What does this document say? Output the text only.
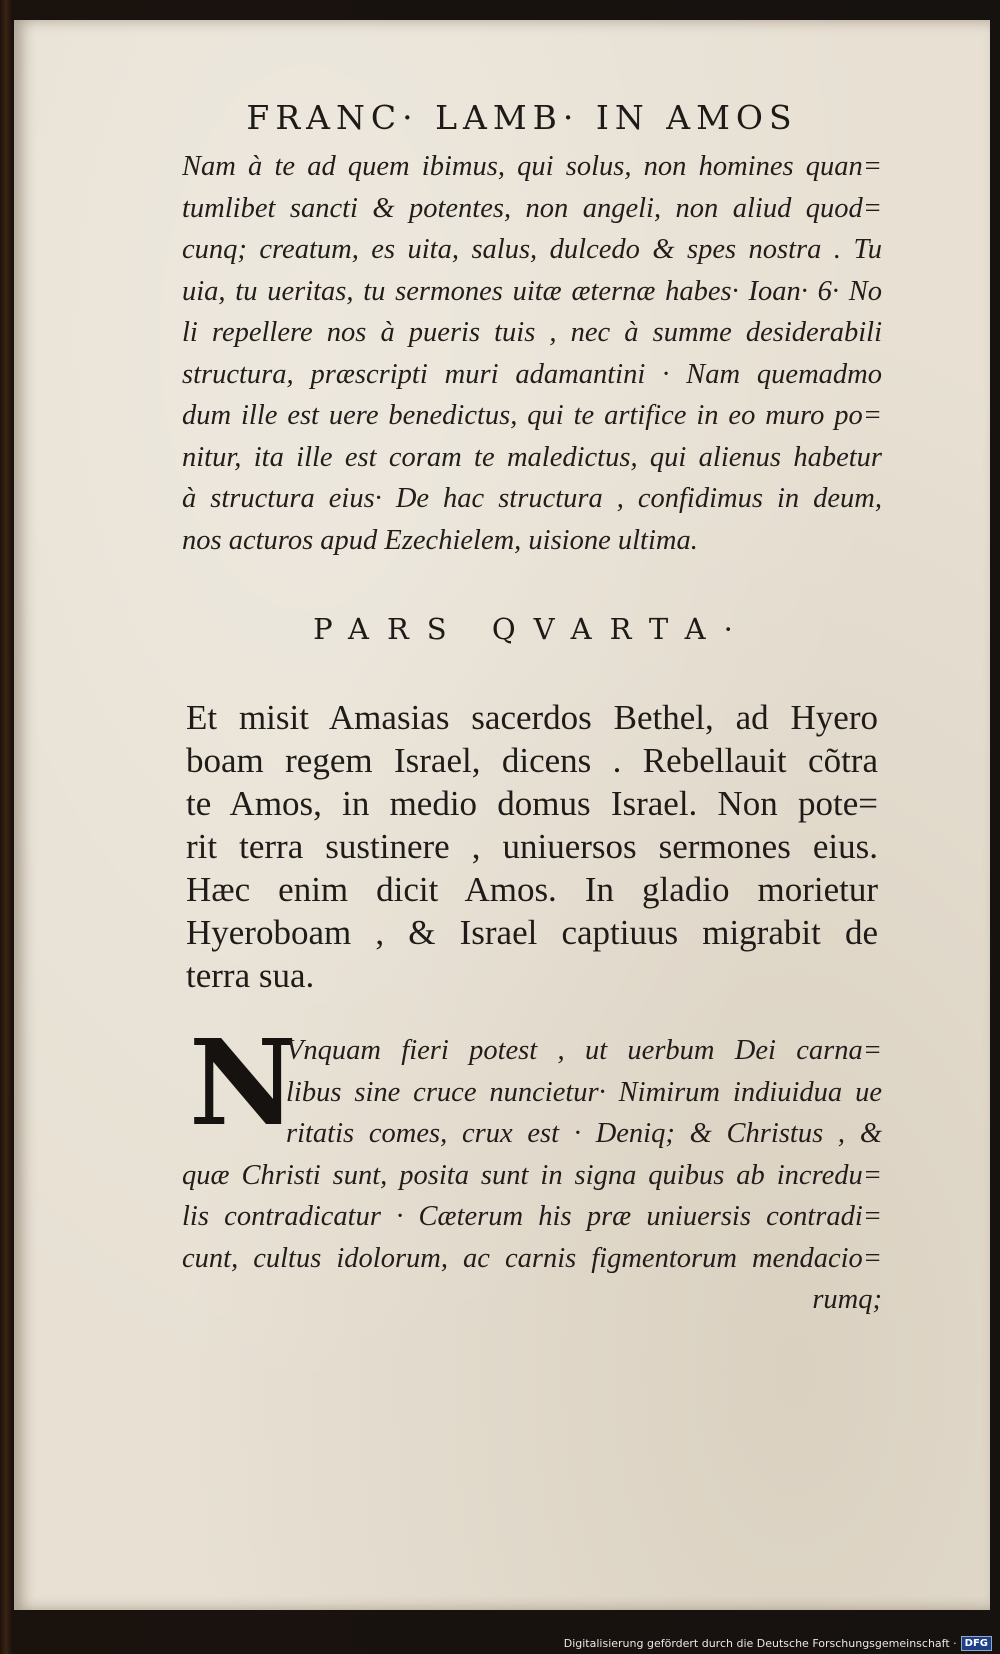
FRANC· LAMB· IN AMOS
Nam à te ad quem ibimus, qui solus, non homines quan=
tumlibet sancti & potentes, non angeli, non aliud quod=
cunq; creatum, es uita, salus, dulcedo & spes nostra . Tu
uia, tu ueritas, tu sermones uitæ æternæ habes· Ioan· 6· No
li repellere nos à pueris tuis , nec à summe desiderabili
structura, præscripti muri adamantini · Nam quemadmo
dum ille est uere benedictus, qui te artifice in eo muro po=
nitur, ita ille est coram te maledictus, qui alienus habetur
à structura eius· De hac structura , confidimus in deum,
nos acturos apud Ezechielem, uisione ultima.
PARS QVARTA·
Et misit Amasias sacerdos Bethel, ad Hyero
boam regem Israel, dicens . Rebellauit cõtra
te Amos, in medio domus Israel. Non pote=
rit terra sustinere , uniuersos sermones eius.
Hæc enim dicit Amos. In gladio morietur
Hyeroboam , & Israel captiuus migrabit de
terra sua.
N
Vnquam fieri potest , ut uerbum Dei carna=
libus sine cruce nuncietur· Nimirum indiuidua ue
ritatis comes, crux est · Deniq; & Christus , &
quæ Christi sunt, posita sunt in signa quibus ab incredu=
lis contradicatur · Cæterum his præ uniuersis contradi=
cunt, cultus idolorum, ac carnis figmentorum mendacio=
rumq;
Digitalisierung gefördert durch die Deutsche Forschungsgemeinschaft · DFG
